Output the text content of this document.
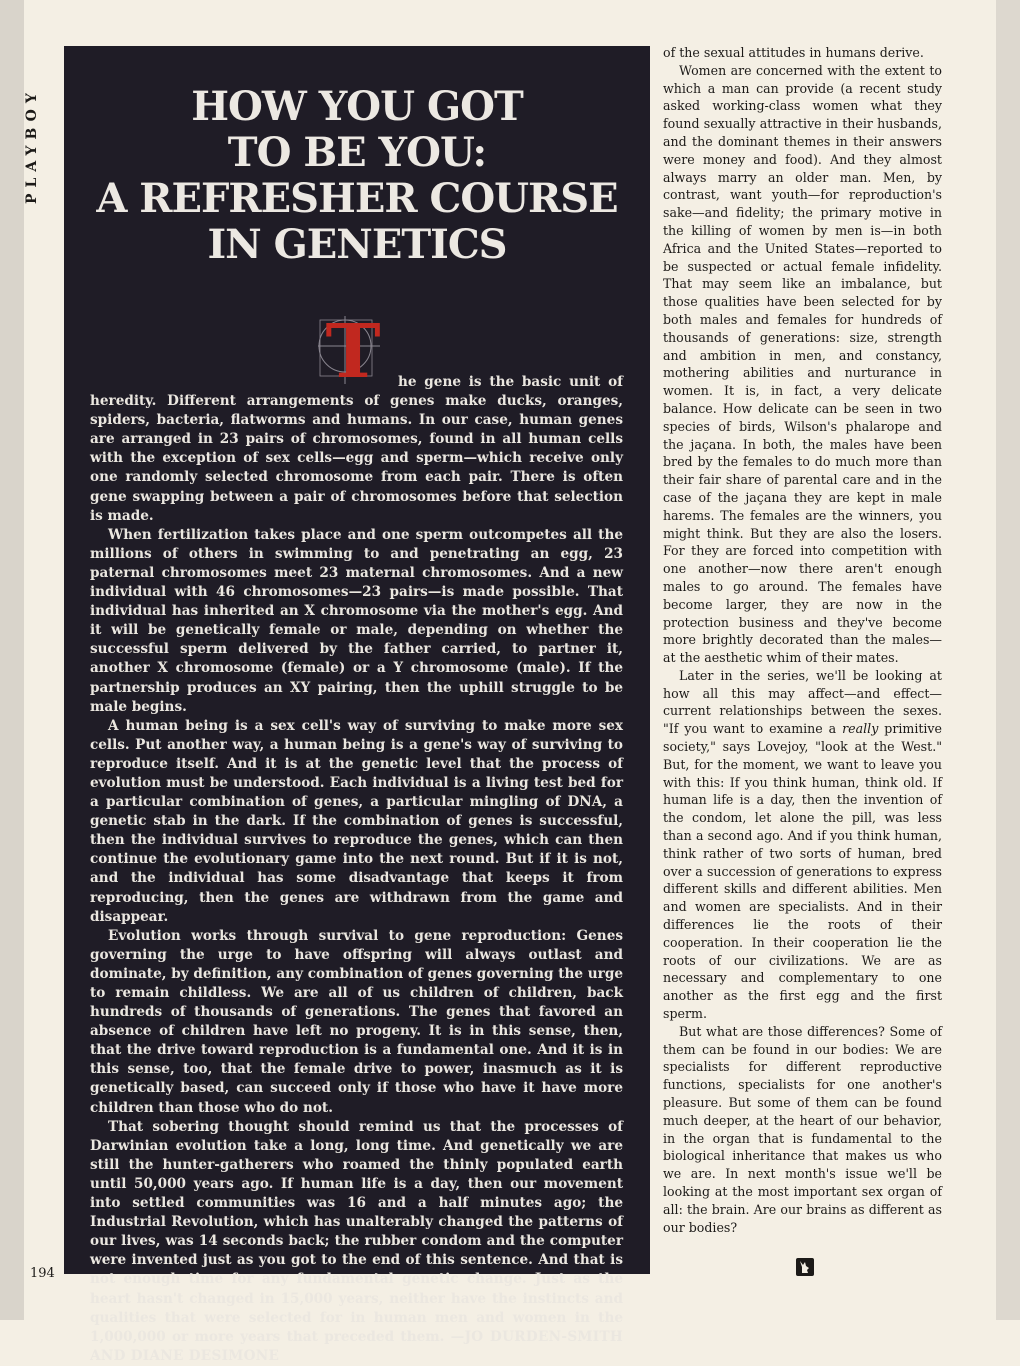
PLAYBOY	HOW YOU GOT
TO BE YOU:
A REFRESHER COURSE
IN GENETICS
T	he gene is the basic unit of heredity. Different arrangements of genes make ducks, oranges, spiders, bacteria, flatworms and humans. In our case, human genes are arranged in 23 pairs of chromosomes, found in all human cells with the exception of sex cells—egg and sperm—which receive only one randomly selected chromosome from each pair. There is often gene swapping between a pair of chromosomes before that selection is made.

When fertilization takes place and one sperm outcompetes all the millions of others in swimming to and penetrating an egg, 23 paternal chromosomes meet 23 maternal chromosomes. And a new individual with 46 chromosomes—23 pairs—is made possible. That individual has inherited an X chromosome via the mother's egg. And it will be genetically female or male, depending on whether the successful sperm delivered by the father carried, to partner it, another X chromosome (female) or a Y chromosome (male). If the partnership produces an XY pairing, then the uphill struggle to be male begins.

A human being is a sex cell's way of surviving to make more sex cells. Put another way, a human being is a gene's way of surviving to reproduce itself. And it is at the genetic level that the process of evolution must be understood. Each individual is a living test bed for a particular combination of genes, a particular mingling of DNA, a genetic stab in the dark. If the combination of genes is successful, then the individual survives to reproduce the genes, which can then continue the evolutionary game into the next round. But if it is not, and the individual has some disadvantage that keeps it from reproducing, then the genes are withdrawn from the game and disappear.

Evolution works through survival to gene reproduction: Genes governing the urge to have offspring will always outlast and dominate, by definition, any combination of genes governing the urge to remain childless. We are all of us children of children, back hundreds of thousands of generations. The genes that favored an absence of children have left no progeny. It is in this sense, then, that the drive toward reproduction is a fundamental one. And it is in this sense, too, that the female drive to power, inasmuch as it is genetically based, can succeed only if those who have it have more children than those who do not.

That sobering thought should remind us that the processes of Darwinian evolution take a long, long time. And genetically we are still the hunter-gatherers who roamed the thinly populated earth until 50,000 years ago. If human life is a day, then our movement into settled communities was 16 and a half minutes ago; the Industrial Revolution, which has unalterably changed the patterns of our lives, was 14 seconds back; the rubber condom and the computer were invented just as you got to the end of this sentence. And that is not enough time for any fundamental genetic change. Just as the heart hasn't changed in 15,000 years, neither have the instincts and qualities that were selected for in human men and women in the 1,000,000 or more years that preceded them. —JO DURDEN-SMITH AND DIANE DESIMONE

of the sexual attitudes in humans derive.

Women are concerned with the extent to which a man can provide (a recent study asked working-class women what they found sexually attractive in their husbands, and the dominant themes in their answers were money and food). And they almost always marry an older man. Men, by contrast, want youth—for reproduction's sake—and fidelity; the primary motive in the killing of women by men is—in both Africa and the United States—reported to be suspected or actual female infidelity. That may seem like an imbalance, but those qualities have been selected for by both males and females for hundreds of thousands of generations: size, strength and ambition in men, and constancy, mothering abilities and nurturance in women. It is, in fact, a very delicate balance. How delicate can be seen in two species of birds, Wilson's phalarope and the jaçana. In both, the males have been bred by the females to do much more than their fair share of parental care and in the case of the jaçana they are kept in male harems. The females are the winners, you might think. But they are also the losers. For they are forced into competition with one another—now there aren't enough males to go around. The females have become larger, they are now in the protection business and they've become more brightly decorated than the males—at the aesthetic whim of their mates.

Later in the series, we'll be looking at how all this may affect—and effect—current relationships between the sexes. "If you want to examine a really primitive society," says Lovejoy, "look at the West." But, for the moment, we want to leave you with this: If you think human, think old. If human life is a day, then the invention of the condom, let alone the pill, was less than a second ago. And if you think human, think rather of two sorts of human, bred over a succession of generations to express different skills and different abilities. Men and women are specialists. And in their differences lie the roots of their cooperation. In their cooperation lie the roots of our civilizations. We are as necessary and complementary to one another as the first egg and the first sperm.

But what are those differences? Some of them can be found in our bodies: We are specialists for different reproductive functions, specialists for one another's pleasure. But some of them can be found much deeper, at the heart of our behavior, in the organ that is fundamental to the biological inheritance that makes us who we are. In next month's issue we'll be looking at the most important sex organ of all: the brain. Are our brains as different as our bodies?

194
